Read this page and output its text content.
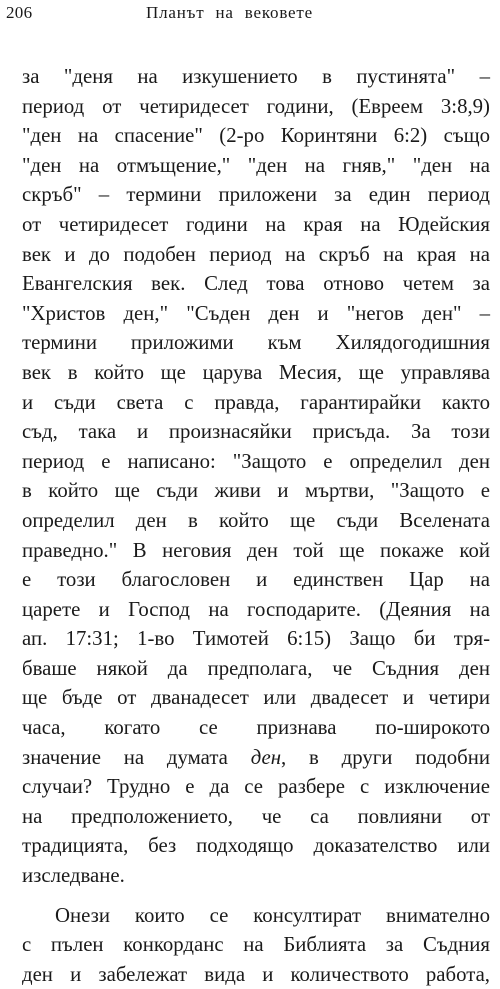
206	Планът на вековете
за "деня на изкушението в пустинята" –
период от четиридесет години, (Евреем 3:8,9)
"ден на спасение" (2-ро Коринтяни 6:2) също
"ден на отмъщение," "ден на гняв," "ден на
скръб" – термини приложени за един период
от четиридесет години на края на Юдейския
век и до подобен период на скръб на края на
Евангелския век. След това отново четем за
"Христов ден," "Съден ден и "негов ден" –
термини приложими към Хилядогодишния
век в който ще царува Месия, ще управлява
и съди света с правда, гарантирайки както
съд, така и произнасяйки присъда. За този
период е написано: "Защото е определил ден
в който ще съди живи и мъртви, "Защото е
определил ден в който ще съди Вселената
праведно." В неговия ден той ще покаже кой
е този благословен и единствен Цар на
царете и Господ на господарите. (Деяния на
ап. 17:31; 1-во Тимотей 6:15) Защо би тря-
бваше някой да предполага, че Съдния ден
ще бъде от дванадесет или двадесет и четири
часа, когато се признава по-широкото
значение на думата ден, в други подобни
случаи? Трудно е да се разбере с изключение
на предположението, че са повлияни от
традицията, без подходящо доказателство или
изследване.
Онези които се консултират внимателно
с пълен конкорданс на Библията за Съдния
ден и забележат вида и количеството работа,
